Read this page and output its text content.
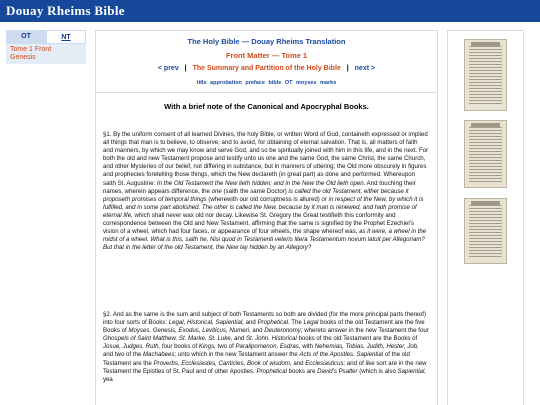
Douay Rheims Bible
OT	NT
Tome 1 Front
Genesis
The Holy Bible — Douay Rheims Translation
Front Matter — Tome 1
< prev | The Summary and Partition of the Holy Bible | next >
title approbation preface bible OT moyses marks
With a brief note of the Canonical and Apocryphal Books.
§1. By the uniform consent of all learned Divines, the holy Bible, or written Word of God, containeth expressed or implied all things that man is to believe, to observe, and to avoid, for obtaining of eternal salvation. That is, all matters of faith and manners, by which we may know and serve God, and so be spiritually joined with him in this life, and in the next. For both the old and new Testament propose and testify unto us one and the same God, the same Christ, the same Church, and other Mysteries of our belief, not differing in substance, but in manners of uttering; the Old more obscurely in figures and prophecies foretelling those things, which the New declareth (in great part) as done and performed. Whereupon saith St. Augustine: In the Old Testament the New lieth hidden; and in the New the Old lieth open. And touching their names, wherein appears difference, the one (saith the same Doctor) is called the old Testament, either because it proposeth promises of temporal things (wherewith our old corruptness is allured) or in respect of the New, by which it is fulfilled, and in some part abolished. The other is called the New, because by it man is renewed, and hath promise of eternal life, which shall never wax old nor decay. Likewise St. Gregory the Great testifieth this conformity and correspondence between the Old and New Testament, affirming that the same is signified by the Prophet Ezechiel's vision of a wheel, which had four faces, or appearance of four wheels, the shape whereof was, as it were, a wheel in the midst of a wheel. What is this, saith he, Nisi quod in Testamenti veteris litera Testamentum novum latuit per Allegoriam? But that in the letter of the old Testament, the New lay hidden by an Allegory?
§2. And as the same is the sum and subject of both Testaments so both are divided (for the more principal parts thereof) into four sorts of Books: Legal, Historical, Sapiential, and Prophetical. The Legal books of the old Testament are the five Books of Moyses, Genesis, Exodus, Leviticus, Numeri, and Deuteronomy; whereto answer in the new Testament the four Ghospels of Saint Matthew, St. Marke, St. Luke, and St. John. Historical books of the old Testament are the Books of Josue, Judges, Ruth, four books of Kings, two of Paralipomenon, Esdras, with Nehemias, Tobias, Judith, Hester, Job, and two of the Machabees; unto which in the new Testament answer the Acts of the Apostles. Sapiential of the old Testament are the Proverbs, Ecclesiastes, Canticles, Book of wisdom, and Ecclesiasticus; and of like sort are in the new Testament the Epistles of St. Paul and of other Apostles. Prophetical books are David's Psalter (which is also Sapiential, yea
